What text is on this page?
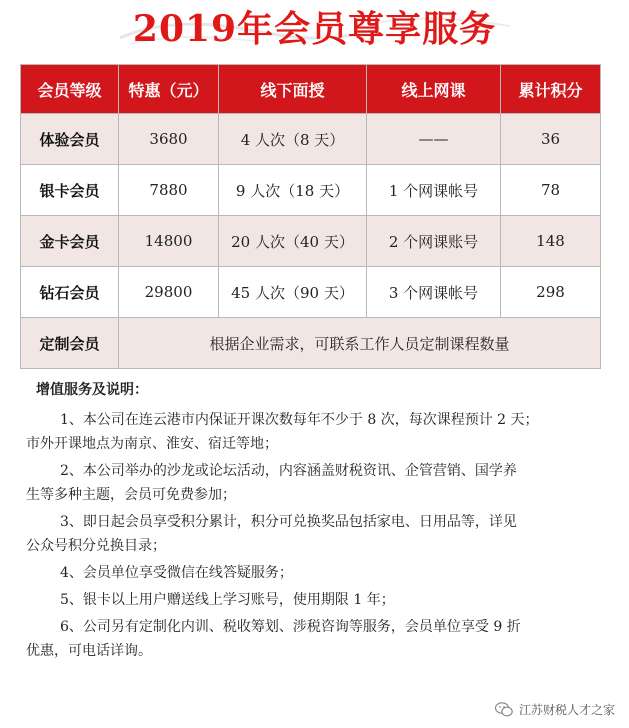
2019年会员尊享服务
会员等级	特惠（元）	线下面授	线上网课	累计积分
体验会员	3680	4 人次（8 天）	——	36
银卡会员	7880	9 人次（18 天）	1 个网课帐号	78
金卡会员	14800	20 人次（40 天）	2 个网课账号	148
钻石会员	29800	45 人次（90 天）	3 个网课帐号	298
定制会员	根据企业需求，可联系工作人员定制课程数量			
增值服务及说明：
1、本公司在连云港市内保证开课次数每年不少于 8 次，每次课程预计 2 天；
市外开课地点为南京、淮安、宿迁等地；
2、本公司举办的沙龙或论坛活动，内容涵盖财税资讯、企管营销、国学养
生等多种主题，会员可免费参加；
3、即日起会员享受积分累计，积分可兑换奖品包括家电、日用品等，详见
公众号积分兑换目录；
4、会员单位享受微信在线答疑服务；
5、银卡以上用户赠送线上学习账号，使用期限 1 年；
6、公司另有定制化内训、税收筹划、涉税咨询等服务，会员单位享受 9 折
优惠，可电话详询。
江苏财税人才之家
